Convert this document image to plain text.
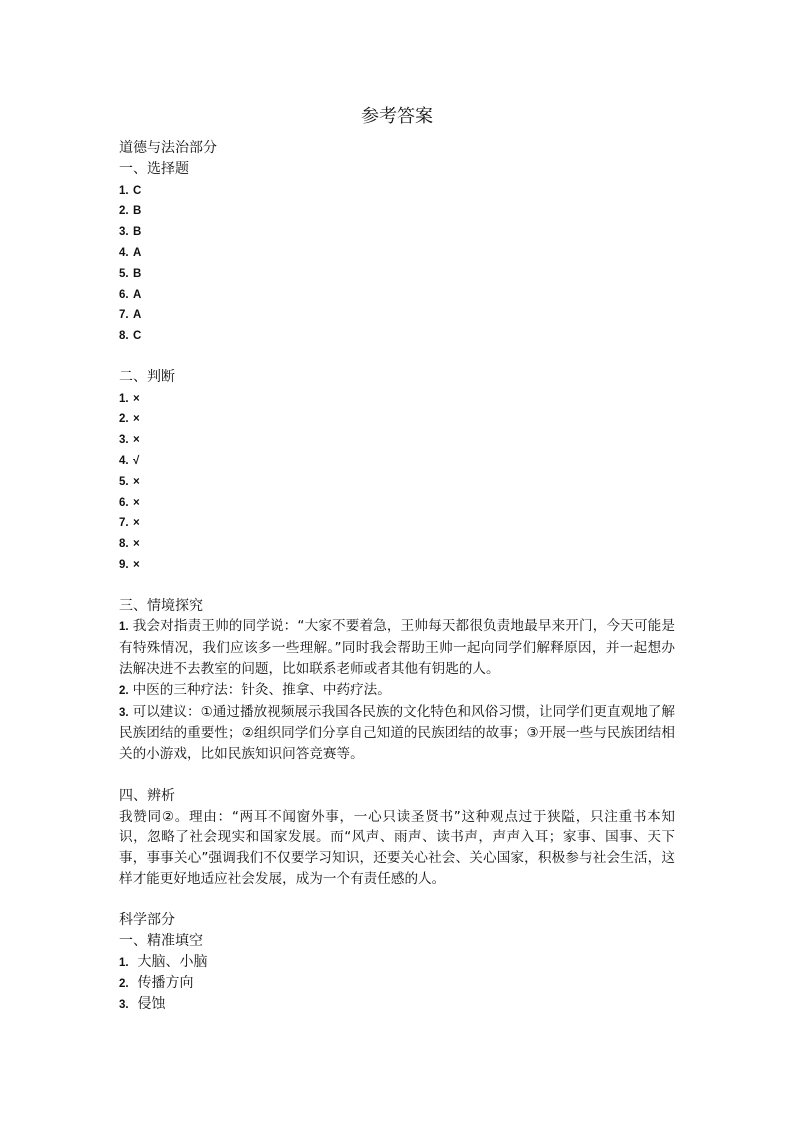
参考答案
道德与法治部分
一、选择题
1. C
2. B
3. B
4. A
5. B
6. A
7. A
8. C
二、判断
1. ×
2. ×
3. ×
4. √
5. ×
6. ×
7. ×
8. ×
9. ×
三、情境探究
1. 我会对指责王帅的同学说：“大家不要着急，王帅每天都很负责地最早来开门，今天可能是有特殊情况，我们应该多一些理解。”同时我会帮助王帅一起向同学们解释原因，并一起想办法解决进不去教室的问题，比如联系老师或者其他有钥匙的人。
2. 中医的三种疗法：针灸、推拿、中药疗法。
3. 可以建议：①通过播放视频展示我国各民族的文化特色和风俗习惯，让同学们更直观地了解民族团结的重要性；②组织同学们分享自己知道的民族团结的故事；③开展一些与民族团结相关的小游戏，比如民族知识问答竞赛等。
四、辨析
我赞同②。理由：“两耳不闻窗外事，一心只读圣贤书”这种观点过于狭隘，只注重书本知识，忽略了社会现实和国家发展。而“风声、雨声、读书声，声声入耳；家事、国事、天下事，事事关心”强调我们不仅要学习知识，还要关心社会、关心国家，积极参与社会生活，这样才能更好地适应社会发展，成为一个有责任感的人。
科学部分
一、精准填空
1. 大脑、小脑
2. 传播方向
3. 侵蚀
